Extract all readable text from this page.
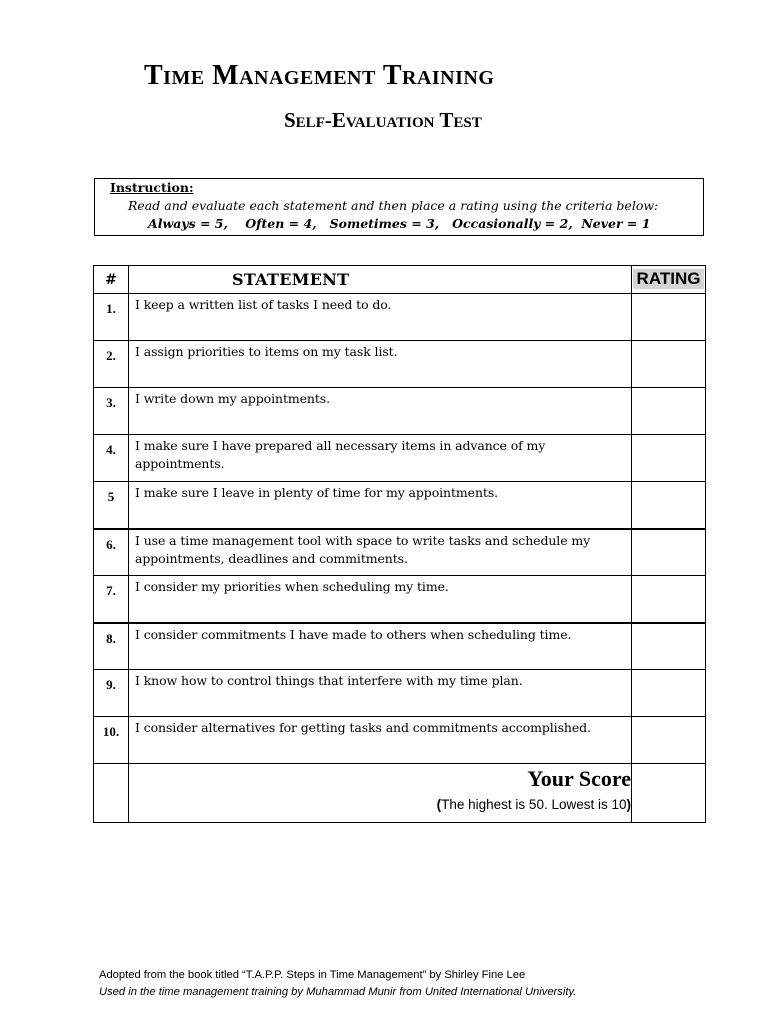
Time Management Training
Self-Evaluation Test
Instruction:
Read and evaluate each statement and then place a rating using the criteria below:
Always = 5,    Often = 4,   Sometimes = 3,   Occasionally = 2,  Never = 1
#	STATEMENT	RATING

1.	I keep a written list of tasks I need to do.	
2.	I assign priorities to items on my task list.	
3.	I write down my appointments.	
4.	I make sure I have prepared all necessary items in advance of my appointments.	
5	I make sure I leave in plenty of time for my appointments.	
6.	I use a time management tool with space to write tasks and schedule my appointments, deadlines and commitments.	
7.	I consider my priorities when scheduling my time.	
8.	I consider commitments I have made to others when scheduling time.	
9.	I know how to control things that interfere with my time plan.	
10.	I consider alternatives for getting tasks and commitments accomplished.	

	Your Score
(The highest is 50. Lowest is 10)	

Adopted from the book titled “T.A.P.P. Steps in Time Management” by Shirley Fine Lee
Used in the time management training by Muhammad Munir from United International University.
